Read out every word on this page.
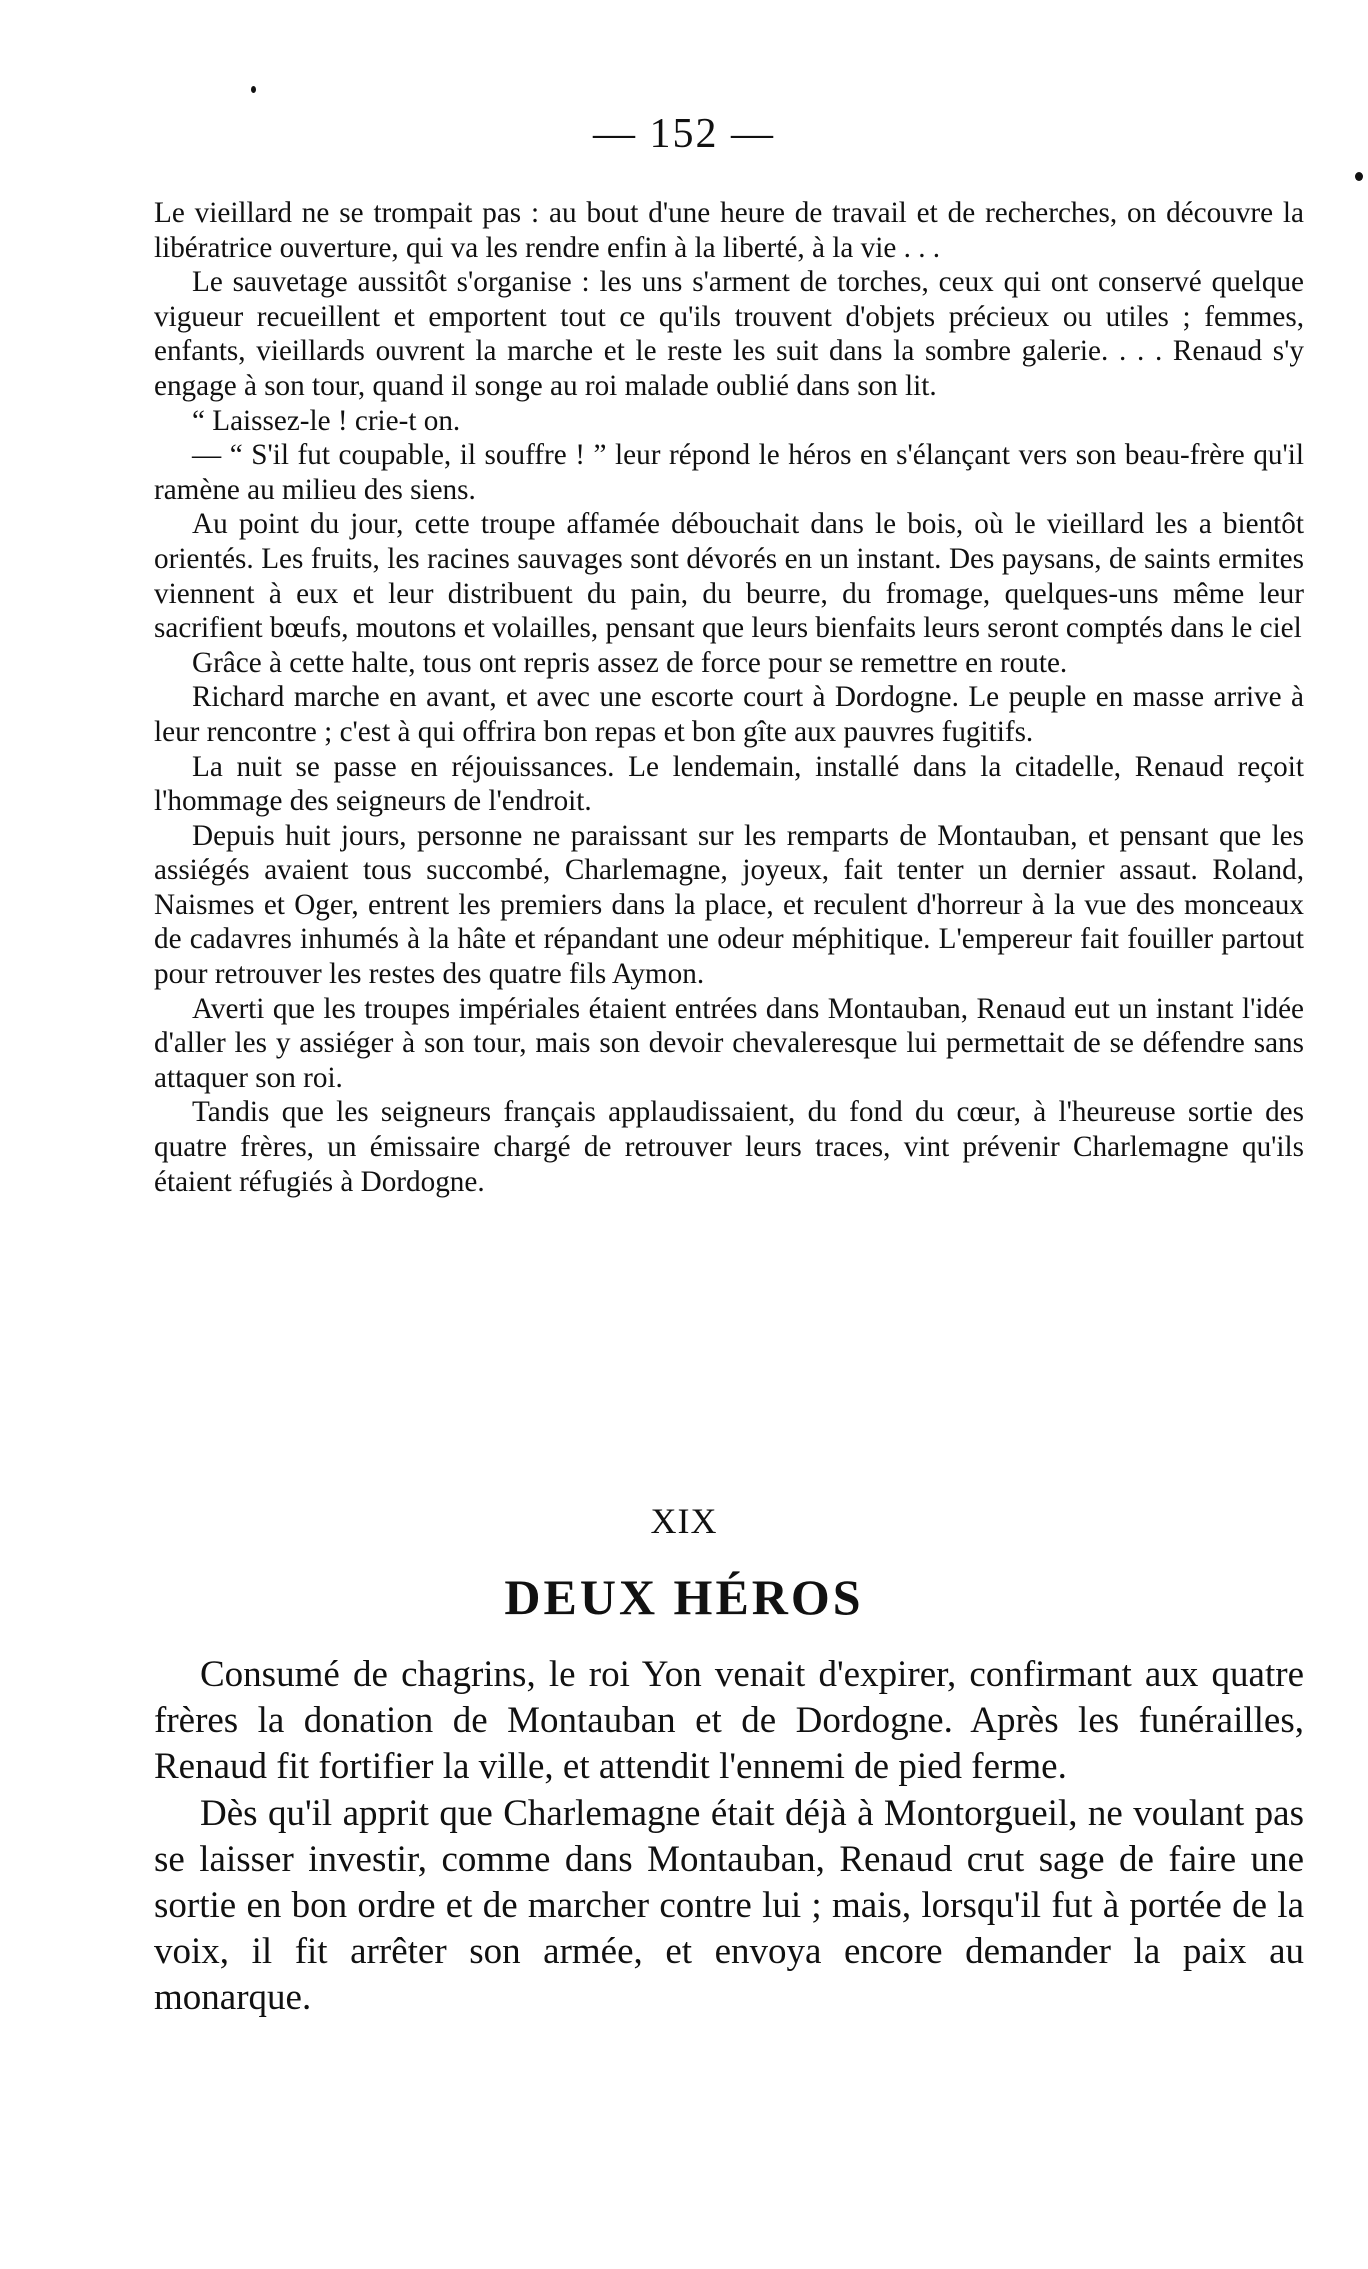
— 152 —

Le vieillard ne se trompait pas : au bout d'une heure de travail et de recherches, on découvre la libératrice ouverture, qui va les rendre enfin à la liberté, à la vie . . .

Le sauvetage aussitôt s'organise : les uns s'arment de torches, ceux qui ont conservé quelque vigueur recueillent et emportent tout ce qu'ils trouvent d'objets précieux ou utiles ; femmes, enfants, vieillards ouvrent la marche et le reste les suit dans la sombre galerie. . . . Renaud s'y engage à son tour, quand il songe au roi malade oublié dans son lit.

“ Laissez-le ! crie-t on.

— “ S'il fut coupable, il souffre ! ” leur répond le héros en s'élançant vers son beau-frère qu'il ramène au milieu des siens.

Au point du jour, cette troupe affamée débouchait dans le bois, où le vieillard les a bientôt orientés. Les fruits, les racines sauvages sont dévorés en un instant. Des paysans, de saints ermites viennent à eux et leur distribuent du pain, du beurre, du fromage, quelques-uns même leur sacrifient bœufs, moutons et volailles, pensant que leurs bienfaits leurs seront comptés dans le ciel

Grâce à cette halte, tous ont repris assez de force pour se remettre en route.

Richard marche en avant, et avec une escorte court à Dordogne. Le peuple en masse arrive à leur rencontre ; c'est à qui offrira bon repas et bon gîte aux pauvres fugitifs.

La nuit se passe en réjouissances. Le lendemain, installé dans la citadelle, Renaud reçoit l'hommage des seigneurs de l'endroit.

Depuis huit jours, personne ne paraissant sur les remparts de Montauban, et pensant que les assiégés avaient tous succombé, Charlemagne, joyeux, fait tenter un dernier assaut. Roland, Naismes et Oger, entrent les premiers dans la place, et reculent d'horreur à la vue des monceaux de cadavres inhumés à la hâte et répandant une odeur méphitique. L'empereur fait fouiller partout pour retrouver les restes des quatre fils Aymon.

Averti que les troupes impériales étaient entrées dans Montauban, Renaud eut un instant l'idée d'aller les y assiéger à son tour, mais son devoir chevaleresque lui permettait de se défendre sans attaquer son roi.

Tandis que les seigneurs français applaudissaient, du fond du cœur, à l'heureuse sortie des quatre frères, un émissaire chargé de retrouver leurs traces, vint prévenir Charlemagne qu'ils étaient réfugiés à Dordogne.

XIX
DEUX HÉROS

Consumé de chagrins, le roi Yon venait d'expirer, confirmant aux quatre frères la donation de Montauban et de Dordogne. Après les funérailles, Renaud fit fortifier la ville, et attendit l'ennemi de pied ferme.

Dès qu'il apprit que Charlemagne était déjà à Montorgueil, ne voulant pas se laisser investir, comme dans Montauban, Renaud crut sage de faire une sortie en bon ordre et de marcher contre lui ; mais, lorsqu'il fut à portée de la voix, il fit arrêter son armée, et envoya encore demander la paix au monarque.
